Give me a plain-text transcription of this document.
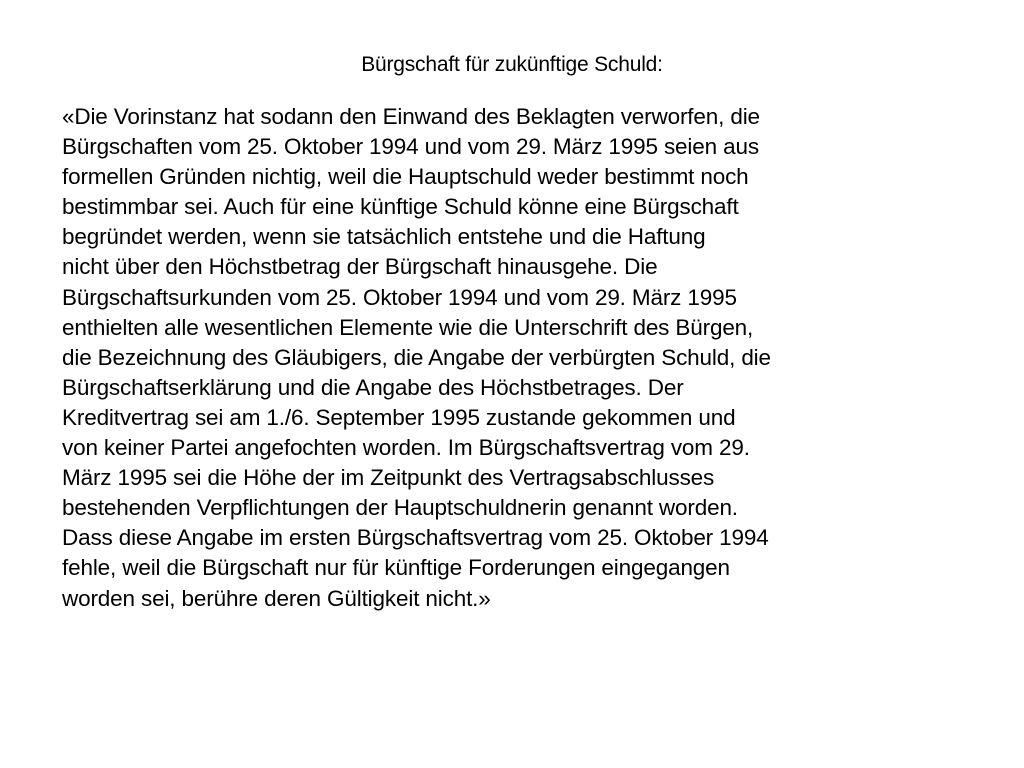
Bürgschaft für zukünftige Schuld:
«Die Vorinstanz hat sodann den Einwand des Beklagten verworfen, die
Bürgschaften vom 25. Oktober 1994 und vom 29. März 1995 seien aus
formellen Gründen nichtig, weil die Hauptschuld weder bestimmt noch
bestimmbar sei. Auch für eine künftige Schuld könne eine Bürgschaft
begründet werden, wenn sie tatsächlich entstehe und die Haftung
nicht über den Höchstbetrag der Bürgschaft hinausgehe. Die
Bürgschaftsurkunden vom 25. Oktober 1994 und vom 29. März 1995
enthielten alle wesentlichen Elemente wie die Unterschrift des Bürgen,
die Bezeichnung des Gläubigers, die Angabe der verbürgten Schuld, die
Bürgschaftserklärung und die Angabe des Höchstbetrages. Der
Kreditvertrag sei am 1./6. September 1995 zustande gekommen und
von keiner Partei angefochten worden. Im Bürgschaftsvertrag vom 29.
März 1995 sei die Höhe der im Zeitpunkt des Vertragsabschlusses
bestehenden Verpflichtungen der Hauptschuldnerin genannt worden.
Dass diese Angabe im ersten Bürgschaftsvertrag vom 25. Oktober 1994
fehle, weil die Bürgschaft nur für künftige Forderungen eingegangen
worden sei, berühre deren Gültigkeit nicht.»
